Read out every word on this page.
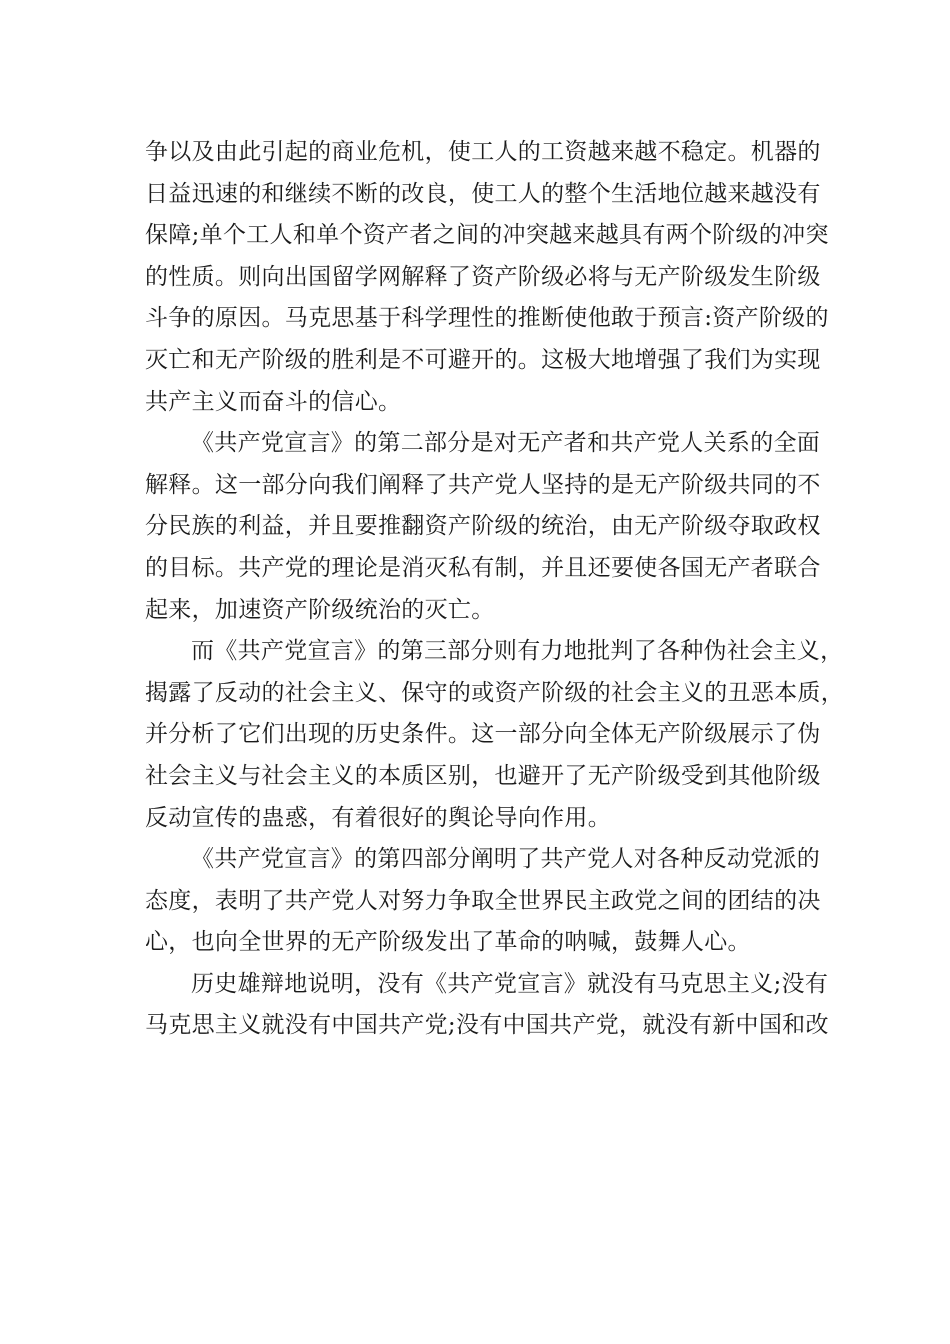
争以及由此引起的商业危机，使工人的工资越来越不稳定。机器的
日益迅速的和继续不断的改良，使工人的整个生活地位越来越没有
保障;单个工人和单个资产者之间的冲突越来越具有两个阶级的冲突
的性质。则向出国留学网解释了资产阶级必将与无产阶级发生阶级
斗争的原因。马克思基于科学理性的推断使他敢于预言:资产阶级的
灭亡和无产阶级的胜利是不可避开的。这极大地增强了我们为实现
共产主义而奋斗的信心。
《共产党宣言》的第二部分是对无产者和共产党人关系的全面
解释。这一部分向我们阐释了共产党人坚持的是无产阶级共同的不
分民族的利益，并且要推翻资产阶级的统治，由无产阶级夺取政权
的目标。共产党的理论是消灭私有制，并且还要使各国无产者联合
起来，加速资产阶级统治的灭亡。
而《共产党宣言》的第三部分则有力地批判了各种伪社会主义，
揭露了反动的社会主义、保守的或资产阶级的社会主义的丑恶本质，
并分析了它们出现的历史条件。这一部分向全体无产阶级展示了伪
社会主义与社会主义的本质区别，也避开了无产阶级受到其他阶级
反动宣传的蛊惑，有着很好的舆论导向作用。
《共产党宣言》的第四部分阐明了共产党人对各种反动党派的
态度，表明了共产党人对努力争取全世界民主政党之间的团结的决
心，也向全世界的无产阶级发出了革命的呐喊，鼓舞人心。
历史雄辩地说明，没有《共产党宣言》就没有马克思主义;没有
马克思主义就没有中国共产党;没有中国共产党，就没有新中国和改
